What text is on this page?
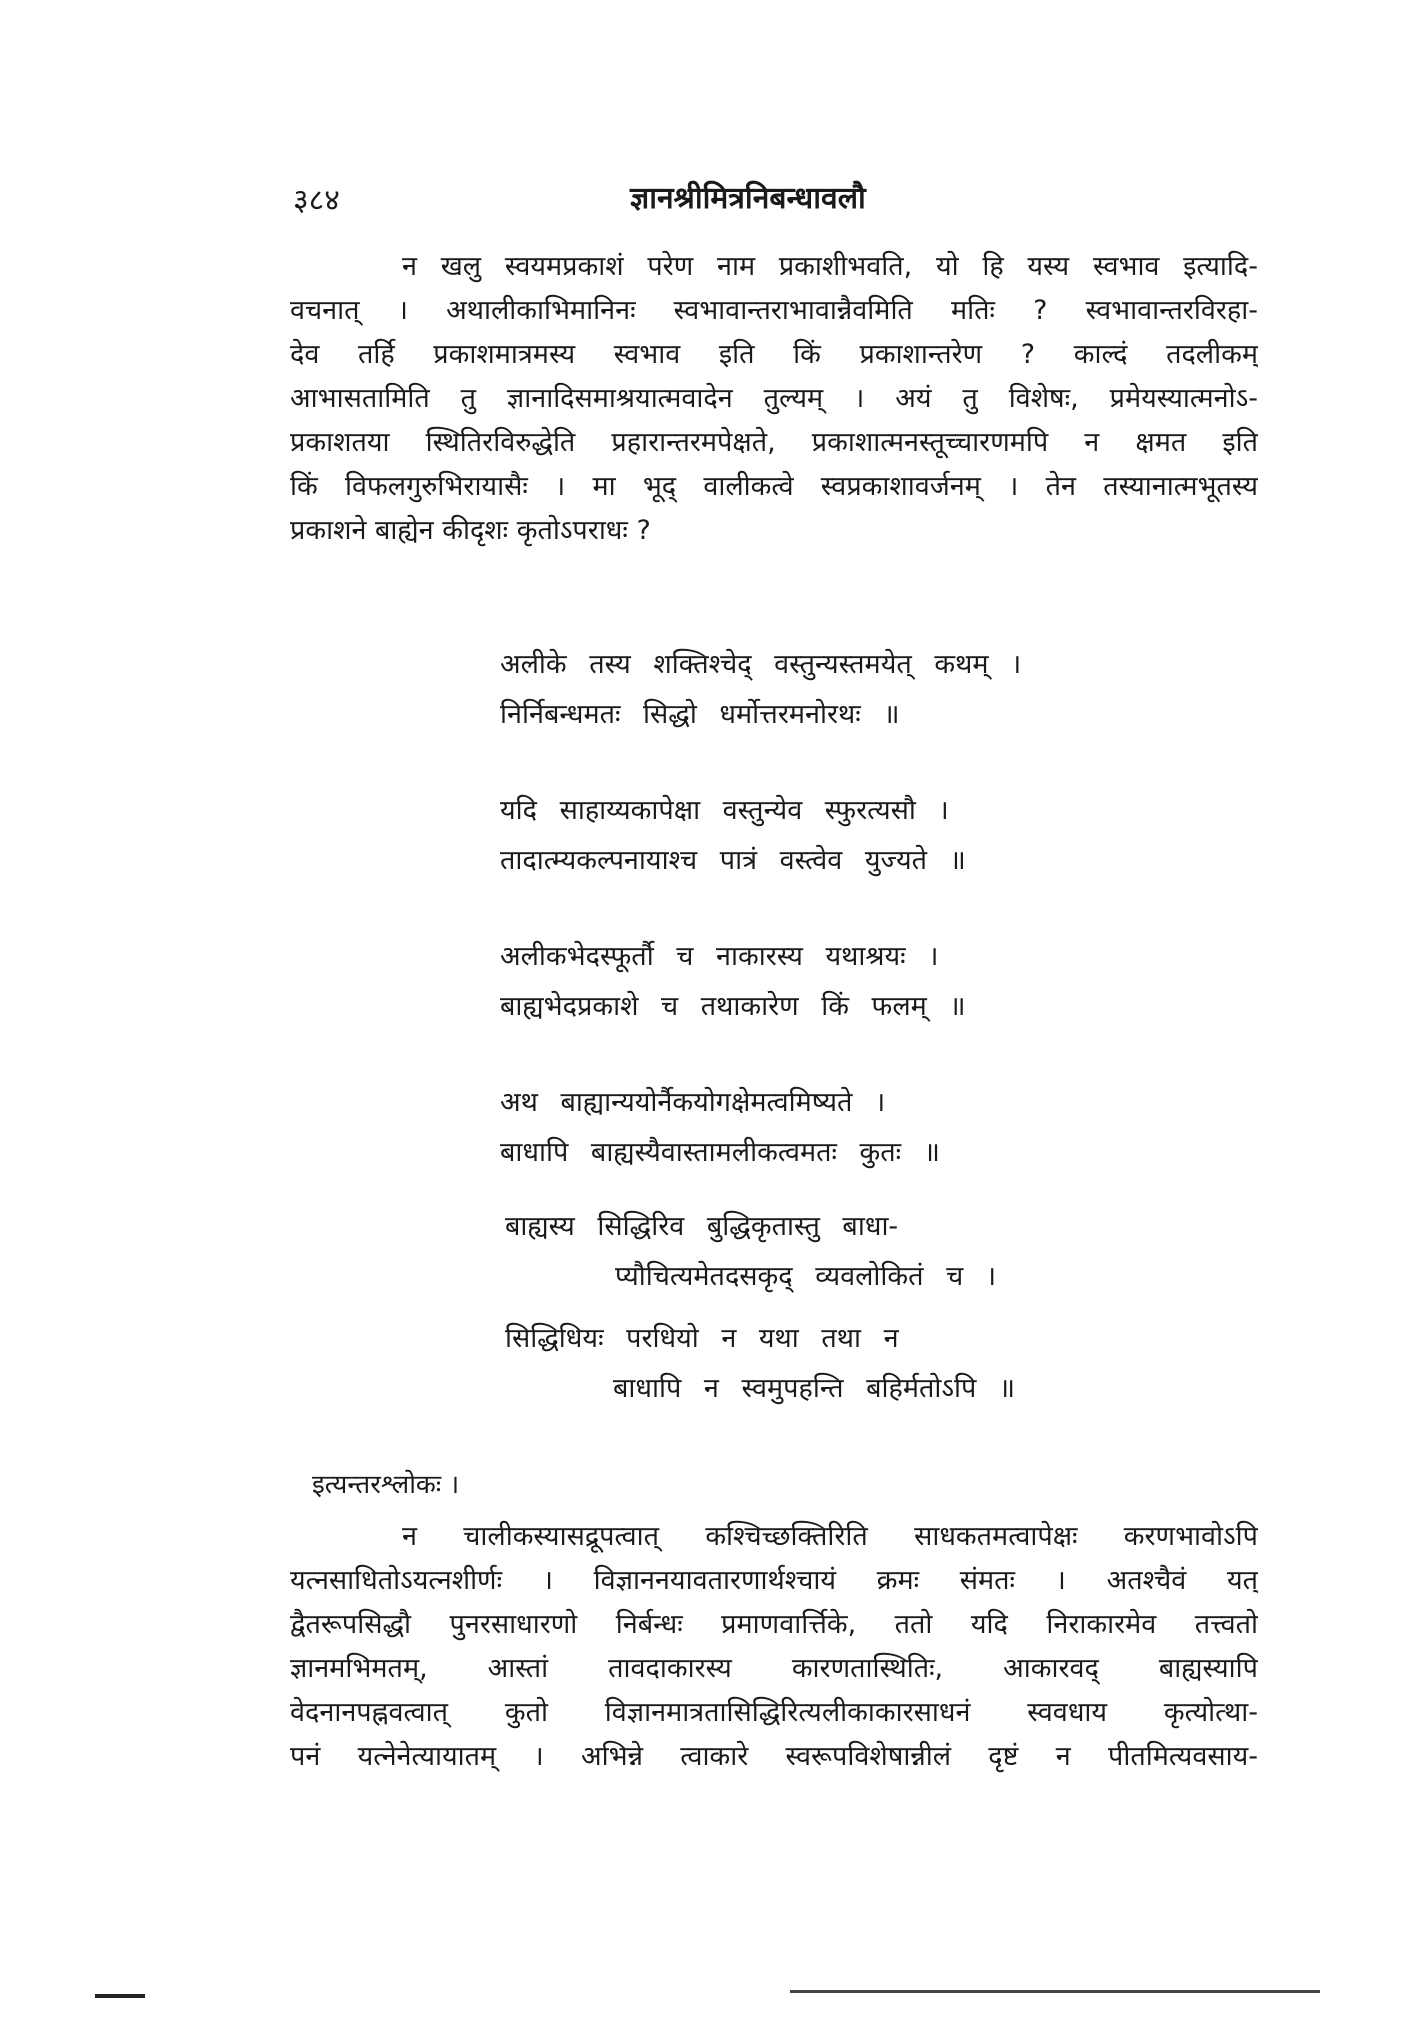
३८४	ज्ञानश्रीमित्रनिबन्धावलौ
न खलु स्वयमप्रकाशं परेण नाम प्रकाशीभवति, यो हि यस्य स्वभाव इत्यादि-
वचनात् । अथालीकाभिमानिनः स्वभावान्तराभावान्नैवमिति मतिः ? स्वभावान्तरविरहा-
देव तर्हि प्रकाशमात्रमस्य स्वभाव इति किं प्रकाशान्तरेण ? काल्दं तदलीकम्
आभासतामिति तु ज्ञानादिसमाश्रयात्मवादेन तुल्यम् । अयं तु विशेषः, प्रमेयस्यात्मनोऽ-
प्रकाशतया स्थितिरविरुद्धेति प्रहारान्तरमपेक्षते, प्रकाशात्मनस्तूच्चारणमपि न क्षमत इति
किं विफलगुरुभिरायासैः । मा भूद् वालीकत्वे स्वप्रकाशावर्जनम् । तेन तस्यानात्मभूतस्य
प्रकाशने बाह्येन कीदृशः कृतोऽपराधः ?
अलीके तस्य शक्तिश्चेद् वस्तुन्यस्तमयेत् कथम् ।
निर्निबन्धमतः सिद्धो धर्मोत्तरमनोरथः ॥
यदि साहाय्यकापेक्षा वस्तुन्येव स्फुरत्यसौ ।
तादात्म्यकल्पनायाश्च पात्रं वस्त्वेव युज्यते ॥
अलीकभेदस्फूर्तौ च नाकारस्य यथाश्रयः ।
बाह्यभेदप्रकाशे च तथाकारेण किं फलम् ॥
अथ बाह्यान्ययोर्नैकयोगक्षेमत्वमिष्यते ।
बाधापि बाह्यस्यैवास्तामलीकत्वमतः कुतः ॥
बाह्यस्य सिद्धिरिव बुद्धिकृतास्तु बाधा-
प्यौचित्यमेतदसकृद् व्यवलोकितं च ।
सिद्धिधियः परधियो न यथा तथा न
बाधापि न स्वमुपहन्ति बहिर्मतोऽपि ॥
इत्यन्तरश्लोकः ।
न चालीकस्यासद्रूपत्वात् कश्चिच्छक्तिरिति साधकतमत्वापेक्षः करणभावोऽपि
यत्नसाधितोऽयत्नशीर्णः । विज्ञाननयावतारणार्थश्चायं क्रमः संमतः । अतश्चैवं यत्
द्वैतरूपसिद्धौ पुनरसाधारणो निर्बन्धः प्रमाणवार्त्तिके, ततो यदि निराकारमेव तत्त्वतो
ज्ञानमभिमतम्, आस्तां तावदाकारस्य कारणतास्थितिः, आकारवद् बाह्यस्यापि
वेदनानपह्नवत्वात् कुतो विज्ञानमात्रतासिद्धिरित्यलीकाकारसाधनं स्ववधाय कृत्योत्था-
पनं यत्नेनेत्यायातम् । अभिन्ने त्वाकारे स्वरूपविशेषान्नीलं दृष्टं न पीतमित्यवसाय-
